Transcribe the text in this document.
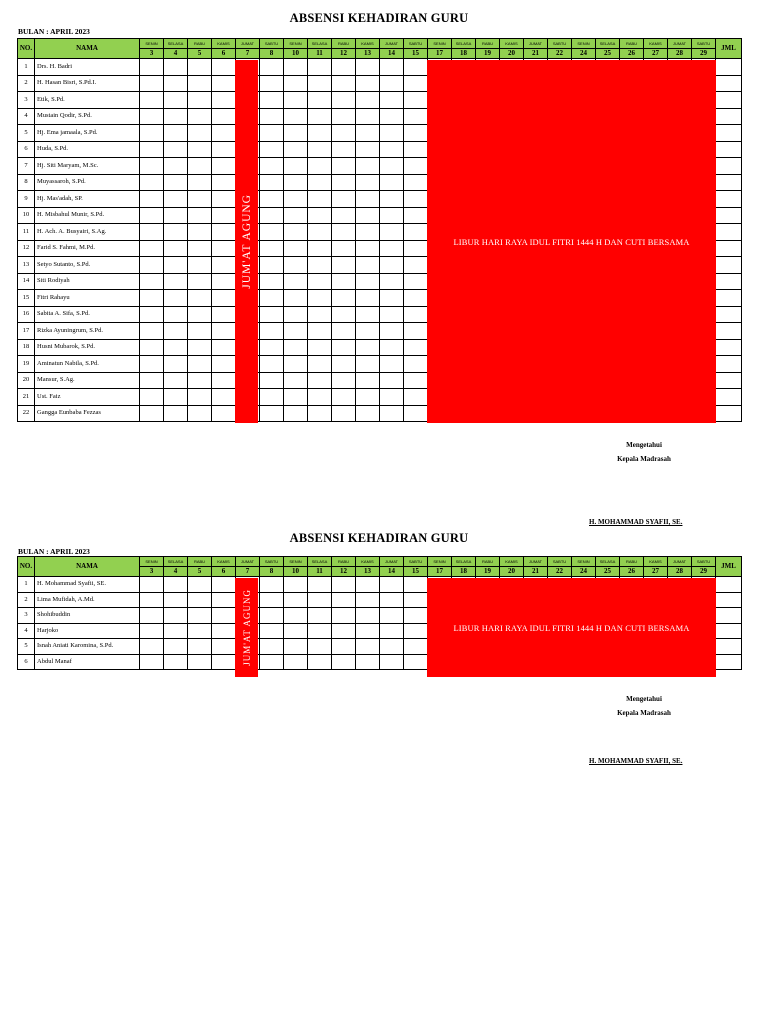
ABSENSI KEHADIRAN GURU
BULAN : APRIL 2023
NO.	NAMA	SENIN	SELASA	RABU	KAMIS	JUMAT	SABTU	SENIN	SELASA	RABU	KAMIS	JUMAT	SABTU	SENIN	SELASA	RABU	KAMIS	JUMAT	SABTU	SENIN	SELASA	RABU	KAMIS	JUMAT	SABTU	JML
		3	4	5	6	7	8	10	11	12	13	14	15	17	18	19	20	21	22	24	25	26	27	28	29	
1	Drs. H. Badri																									
2	H. Hasan Bisri, S.Pd.I.																									
3	Etik, S.Pd.																									
4	Mustain Qodir, S.Pd.																									
5	Hj. Ema jamaala, S.Pd.																									
6	Huda, S.Pd.																									
7	Hj. Siti Maryam, M.Sc.																									
8	Muyassaroh, S.Pd.																									
9	Hj. Mas'adah, SP.																									
10	H. Misbahul Munir, S.Pd.																									
11	H. Ach. A. Busyairi, S.Ag.																									
12	Farid S. Fahmi, M.Pd.																									
13	Setyo Sutanto, S.Pd.																									
14	Siti Rodiyah																									
15	Fitri Rahayu																									
16	Sabita A. Sifa, S.Pd.																									
17	Rizka Ayuningrum, S.Pd.																									
18	Husni Mubarok, S.Pd.																									
19	Aminatun Nabila, S.Pd.																									
20	Mansur, S.Ag.																									
21	Ust. Faiz																									
22	Gangga Eunbaba Fezzas																									
JUM'AT AGUNG	LIBUR HARI RAYA IDUL FITRI 1444 H DAN CUTI BERSAMA
Mengetahui
Kepala Madrasah
H. MOHAMMAD SYAFII, SE.
ABSENSI KEHADIRAN GURU
BULAN : APRIL 2023
NO.	NAMA	SENIN	SELASA	RABU	KAMIS	JUMAT	SABTU	SENIN	SELASA	RABU	KAMIS	JUMAT	SABTU	SENIN	SELASA	RABU	KAMIS	JUMAT	SABTU	SENIN	SELASA	RABU	KAMIS	JUMAT	SABTU	JML
		3	4	5	6	7	8	10	11	12	13	14	15	17	18	19	20	21	22	24	25	26	27	28	29	
1	H. Mohammad Syafii, SE.																									
2	Lima Mufidah, A.Md.																									
3	Shohibuddin																									
4	Harjoko																									
5	Isnah Aniati Karomina, S.Pd.																									
6	Abdul Manaf																										JUM'AT AGUNG	LIBUR HARI RAYA IDUL FITRI 1444 H DAN CUTI BERSAMA
Mengetahui
Kepala Madrasah
H. MOHAMMAD SYAFII, SE.
